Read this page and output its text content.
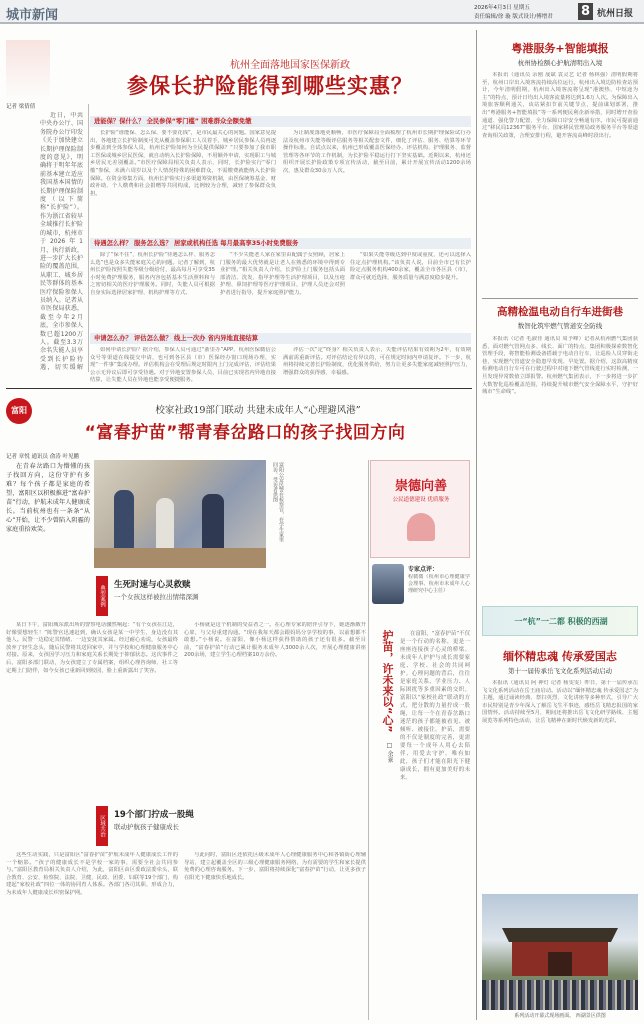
城市新闻	2026年4月3日 星期五
责任编辑/徐 璇 版式设计/傅增君 8 杭州日报
杭州全面落地国家医保新政
参保长护险能得到哪些实惠？
记者 梁倩倩

近日，中共中央办公厅、国务院办公厅印发《关于加快建立长期护理保险制度的意见》，明确将于明年年底前基本建立适应我国基本国情的长期护理保险制度（以下简称“长护险”）。作为浙江省较早全域推行长护险的城市，杭州市于2026年1月，执行新政，进一步扩大长护险的覆盖范围，从职工、城乡居民等群体的基本医疗保险参保人员纳入。记者从市医保局获悉，截至今年2月底，全市参保人数已超1200万人。截至3.3万余名失能人员享受到长护险待遇，切实缓解

进能保？保什么？ 全民参保“零门槛” 困难群众全额免缴

长护险“谁能保、怎么保、要不要花钱”，是市民最关心的问题。国家意见提出，各地建立长护险制度可先从覆盖参保职工人员着手，城乡居民参保人员再逐步覆盖到全体参保人员，杭州长护险如何为全民提供保障？“只要参加了我市职工医保或城乡居民医保，就自动纳入长护险保障，不用额外申请，实现职工与城乡居民无差别覆盖。”市医疗保障局相关负责人表示，同时，长护险实行“零门槛”参保，未满六周岁以及个人情况特殊的困难群众，不需缴费就能纳入长护险保障。在资金筹集方面，杭州长护险实行多渠道筹资机制，由医保统筹基金、财政补助、个人缴费和社会捐赠等共同构成，比例较为合理，减轻了参保群众负担。

为让制度落地更顺畅，市医疗保障局全面梳理了杭州市长期护理保险试行办法及杭州市失能等级评估服务等相关配套文件，细化了评估、服务、结算等环节操作标准。自试点以来，杭州已形成覆盖医保经办、评估机构、护理服务、监督管理等各环节的工作机制，为长护险平稳运行打下坚实基础。近期以来，杭州还组织开展长护险政策专项宣传活动，截至目前，累计开展宣传活动1200余场次，惠及群众30余万人次。

待遇怎么样？ 服务怎么选？ 居家或机构任选 每月最高享35小时免费服务

除了“保不住”，杭州长护险“待遇怎么样、服务怎么选”也是众多失能家庭关心的问题。记者了解到，杭州长护险按照失能等级分级给付，最高每月可享受35小时免费护理服务，服务内容包括基本生活照料和与之密切相关的医疗护理服务。同时，失能人员可根据自身实际选择居家护理、机构护理等方式。

“不少失能老人家在家里由配偶子女照顾，居家上门服务的最大优势就是让老人在熟悉的环境中得到专业护理。”相关负责人介绍，长护险上门服务包括头面部清洁、洗发、指甲护理等生活护理项目，以及压疮护理、鼻饲护理等医疗护理项目，护理人员还会对照护者进行指导，提升家庭照护能力。

“如果失能等级达到中度或重度，还可以选择入住定点护理机构。”该负责人说，目前全市已有长护险定点服务机构400余家，覆盖全市各区县（市），群众可就近选择，服务质量与满意度稳步提升。

申请怎么办？ 评估怎么做？ 线上一次办 省内异地直接结算

如何申请长护险？据介绍，参保人员可通过“浙里办”APP、杭州医保微信公众号等渠道在线提交申请，也可到各区县（市）医保经办窗口现场办理，实现“一件事”集成办理。评估机构会在受理后规定时限内上门完成评估，评估结果公示无异议后即可享受待遇。对于异地安置参保人员，目前已实现省内异地直接结算，让失能人员在异地也能享受便捷服务。

评估一次“定”终身？相关负责人表示，失能评估结果有效期为2年，有效期满前需重新评估。对评估结论有异议的，可在规定时间内申请复评。下一步，杭州将持续完善长护险制度，优化服务供给，努力让更多失能家庭减轻照护压力，增强群众的获得感、幸福感。

富阳	校家社政19部门联动 共建未成年人“心理避风港”
“富春护苗”帮青春岔路口的孩子找回方向
记者 章悦 通讯员 俞涛 叶见鹏

在青春岔路口为懵懂的孩子找回方向，这份守护有多难？每个孩子都是家庭的希望，富阳区以积极推进“富春护苗”行动，护航未成年人健康成长。当前杭州也有一条条“从心”开始，让不少曾陷入阴霾的家庭重拾欢笑。	富阳公安民警在检察官，在学生家里回访。受访者供图	崇德向善
公民道德建设 优质服务
专家点评：
程微微（杭州市心理健康学会理事、杭州市未成年人心理研究中心主任）
护苗，许未来以“心”
□ 余景

在富阳，“富春护苗”不仅是一个行动的名称，更是一座座连接孩子心灵的桥梁。未成年人护护与成长需要家庭、学校、社会的共同呵护。心理问题的背后，往往是家庭关系、学业压力、人际困扰等多重因素的交织。富阳以“家校社政”联动的方式，把分散的力量拧成一股绳，让每一个在青春岔路口迷茫的孩子都能被看见、被倾听、被接住。护苗，需要的不仅是制度的完善，更需要每一个成年人用心去陪伴、用爱去守护。唯有如此，孩子们才能在阳光下健康成长，拥有更加美好的未来。

典型案例	生死时速与心灵救赎
一个女孩这样被拉出情绪深渊

某日下午，富阳城东派出所的警察电话骤然响起：“有个女孩在江边，好像要想轻生！”陈警官迅速赶到，确认女孩是某一中学生，身边没有其他人。民警一边稳定其情绪、一边安抚其家属。经过耐心劝说，女孩最终放弃了轻生念头，随后民警将其送回家中，并与学校和心理健康服务中心对接。原来，女孩因学习压力和家庭关系长期处于抑郁状态。这次事件之后，富阳多部门联动，为女孩建立了专属档案，组织心理咨询师、社工等定期上门陪伴，如今女孩已重新回到校园，脸上重新露出了笑容。

小杨就是这个机制的受益者之一。在心理专家的陪伴引导下，她逐渐敞开心扉，与父母重建沟通。“现在我每天都会跟妈妈分享学校的事，以前想都不敢想。”小杨说。在富阳，像小杨这样获得帮助的孩子还有很多。截至目前，“富春护苗”行动已累计服务未成年人3000余人次，开展心理健康讲座200余场，建立学生心理档案10万余份。

区域共治	19个部门拧成一股绳
联动护航孩子健康成长

这些生动实践，只是富阳区“富春护苗”护航未成年人健康成长工作的一个缩影。“孩子的健康成长不是学校一家的事，需要全社会共同参与。”富阳区教育局相关负责人介绍，为此，富阳区由区委政法委牵头，联合教育、公安、检察院、法院、卫健、民政、团委、妇联等19个部门，构建起“家校社政”四位一体的协同育人体系。各部门各司其职、形成合力，为未成年人健康成长织密保护网。

与此同时，富阳区还依托区级未成年人心理健康服务中心和各镇街心理辅导站，建立起覆盖全区的三级心理健康服务网络，为有需要的学生和家长提供免费的心理咨询服务。下一步，富阳将持续深化“富春护苗”行动，让更多孩子在阳光下健康快乐地成长。

粤港服务+智能填报
杭州协检额心护航清明出入境

本报讯（通讯员 余刚 晟斌 袁灵艺 记者 杨林强）清明假期将至，杭州口岸出入境客流持续高位运行。杭州出入境边防检查站预计，今年清明假期，杭州出入境客流将呈现“港澳热、中短途为主”的特点，预计日均出入境客流量将达到1.6万人次。为保障出入境旅客顺利通关，该站紧扣节前关键节点，提前谋划部署，推出“粤港服务+智能填报”等一系列便民利企新举措，同时增开查验通道、强化警力配置，全力保障口岸安全畅通有序。市民可提前通过“移民局12367”服务平台、国家移民管理局政务服务平台等渠道查询相关政策，合理安排行程，避开客流高峰时段出行。

高精检温电动自行车进街巷
数智化筑牢燃气管道安全防线

本报讯（记者 毛淑佳 通讯员 周予峰）记者从杭州燃气集团获悉，面对燃气管网点多、线长、面广的特点，集团积极探索数智化管理手段，将智能检测设备搭载于电动自行车，让巡检人员穿街走巷，实现燃气管道安全隐患早发现、早处置。据介绍，这款高精度检测电动自行车可在行驶过程中对地下燃气管线进行实时检测，一旦发现异常数值立即报警。杭州燃气集团表示，下一步将进一步扩大数智化巡检覆盖范围，持续提升城市燃气安全保障水平，守护好城市“生命线”。

一“杭”一二都 积极的西湖
缅怀精忠魂 传承爱国志
第十一届传承岳飞文化系列活动启动

本报讯（通讯员 阿 神灯 记者 杨雯雯）昨日，第十一届传承岳飞文化系列活动在岳王庙启动。活动以“缅怀精忠魂 传承爱国志”为主题，通过诵读经典、祭扫英烈、文化讲座等多种形式，引导广大市民特别是青少年深入了解岳飞生平事迹，感悟岳飞精忠报国的家国情怀。活动持续至5月，期间还将推出岳飞文化研学路线、主题展览等系列特色活动，让岳飞精神在新时代焕发新的光彩。

系列活动开幕式现场画面。 西湖景区供图
